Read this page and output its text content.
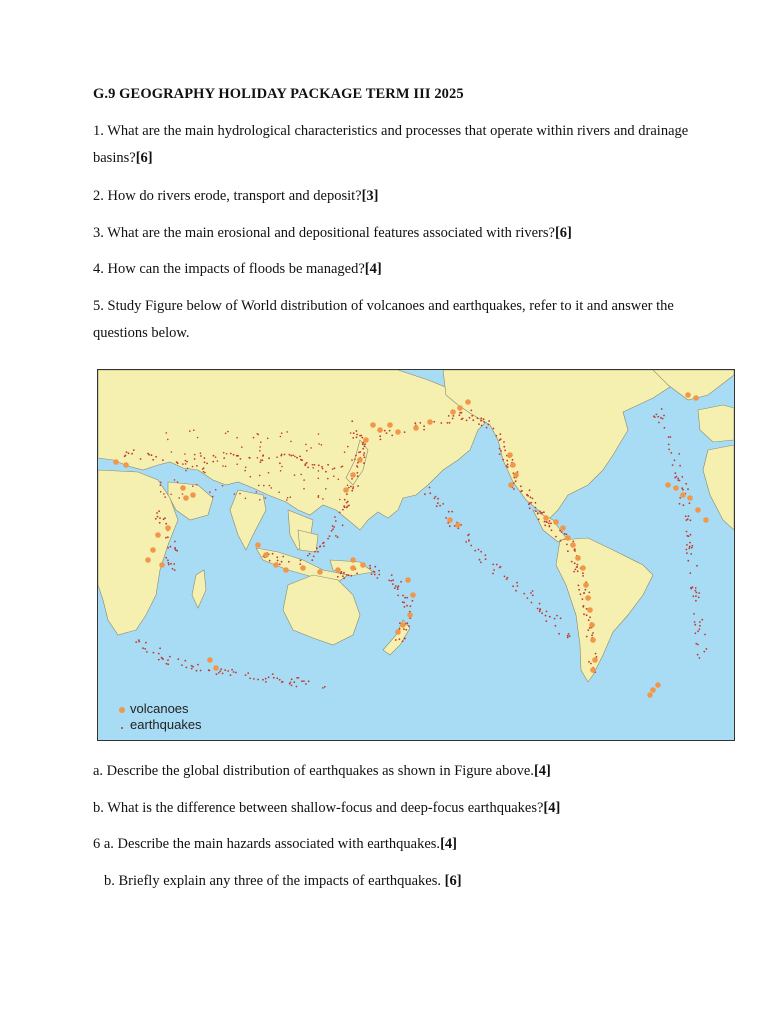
G.9 GEOGRAPHY HOLIDAY PACKAGE TERM III 2025
1. What are the main hydrological characteristics and processes that operate within rivers and drainage basins?[6]
2. How do rivers erode, transport and deposit?[3]
3. What are the main erosional and depositional features associated with rivers?[6]
4. How can the impacts of floods be managed?[4]
5. Study Figure below of World distribution of volcanoes and earthquakes, refer to it and answer the questions below.
volcanoes
earthquakes
a. Describe the global distribution of earthquakes as shown in Figure above.[4]
b. What is the difference between shallow-focus and deep-focus earthquakes?[4]
6 a. Describe the main hazards associated with earthquakes.[4]
b. Briefly explain any three of the impacts of earthquakes. [6]
